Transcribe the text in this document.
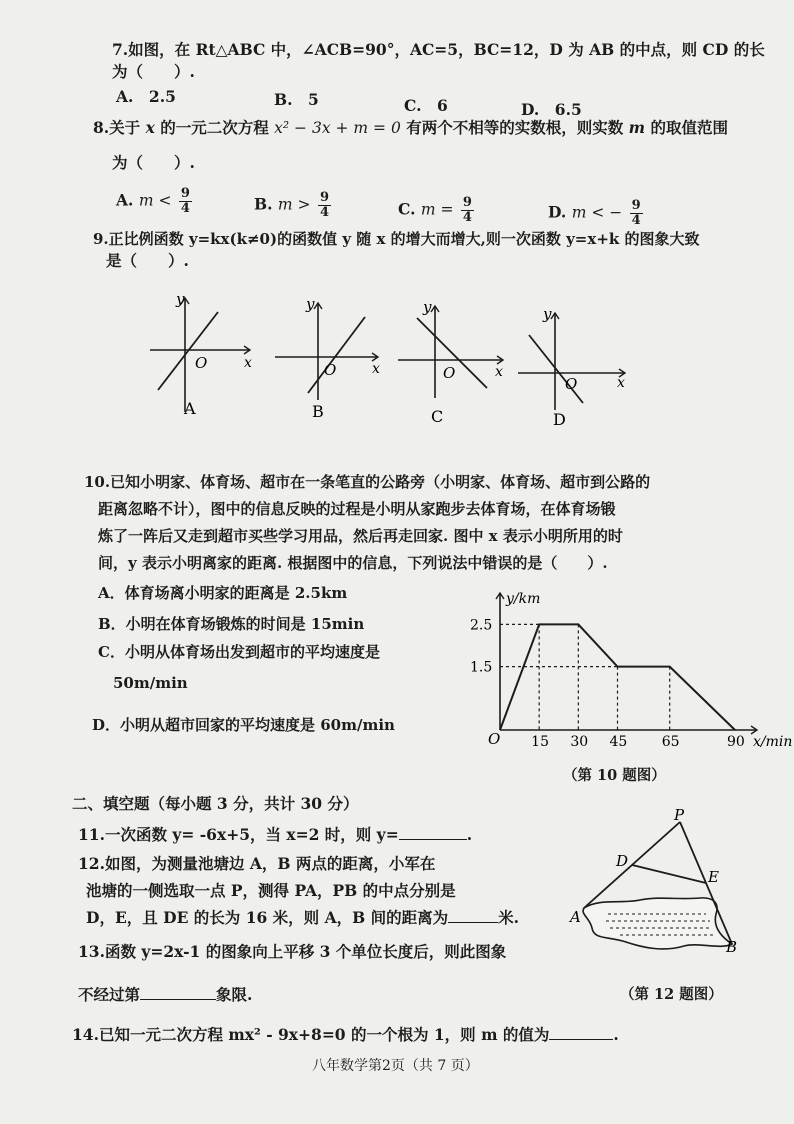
7.如图，在 Rt△ABC 中，∠ACB=90°，AC=5，BC=12，D 为 AB 的中点，则 CD 的长
为（　　）.
A.　2.5	B.　5	C.　6	D.　6.5
8.关于 x 的一元二次方程 x² − 3x + m = 0 有两个不相等的实数根，则实数 m 的取值范围
为（　　）.
A. $m < \frac{9}{4}$	B. $m > \frac{9}{4}$	C. $m = \frac{9}{4}$	D. m < − $\frac{9}{4}$
9.正比例函数 y=kx(k≠0)的函数值 y 随 x 的增大而增大,则一次函数 y=x+k 的图象大致
是（　　）.
y
x
O
A
y
x
O
B
y
x
O
C
y
x
O
D
10.已知小明家、体育场、超市在一条笔直的公路旁（小明家、体育场、超市到公路的
距离忽略不计），图中的信息反映的过程是小明从家跑步去体育场，在体育场锻
炼了一阵后又走到超市买些学习用品，然后再走回家. 图中 x 表示小明所用的时
间，y 表示小明离家的距离. 根据图中的信息，下列说法中错误的是（　　）.
A．体育场离小明家的距离是 2.5km
B．小明在体育场锻炼的时间是 15min
C．小明从体育场出发到超市的平均速度是
50m/min
D．小明从超市回家的平均速度是 60m/min
y/km
x/min
O
2.5
1.5
15 30 45 65	90
（第 10 题图）
二、填空题（每小题 3 分，共计 30 分）
11.一次函数 y= -6x+5，当 x=2 时，则 y=	.
12.如图，为测量池塘边 A，B 两点的距离，小军在
池塘的一侧选取一点 P，测得 PA，PB 的中点分别是
D，E，且 DE 的长为 16 米，则 A，B 间的距离为	米.
P
D
E
A
B
（第 12 题图）
13.函数 y=2x-1 的图象向上平移 3 个单位长度后，则此图象
不经过第	象限.
14.已知一元二次方程 mx² - 9x+8=0 的一个根为 1，则 m 的值为	.
八年数学第2页（共 7 页）
